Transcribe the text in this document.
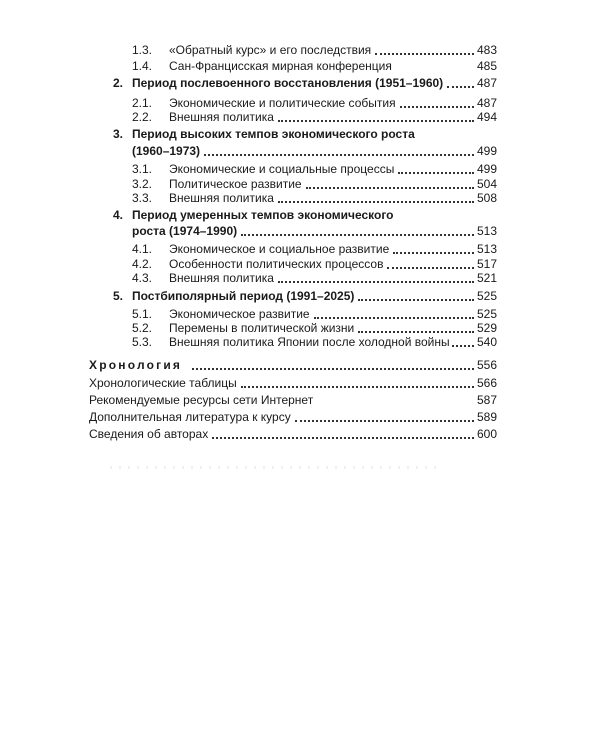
1.3.	«Обратный курс» и его последствия	483
1.4.	Сан-Францисская мирная конференция	485
2. Период послевоенного восстановления (1951–1960)	487
2.1.	Экономические и политические события	487
2.2.	Внешняя политика	494
3. Период высоких темпов экономического роста
(1960–1973)	499
3.1.	Экономические и социальные процессы	499
3.2.	Политическое развитие	504
3.3.	Внешняя политика	508
4. Период умеренных темпов экономического
роста (1974–1990)	513
4.1.	Экономическое и социальное развитие	513
4.2.	Особенности политических процессов	517
4.3.	Внешняя политика	521
5. Постбиполярный период (1991–2025)	525
5.1.	Экономическое развитие	525
5.2.	Перемены в политической жизни	529
5.3.	Внешняя политика Японии после холодной войны 540
Хронология	556
Хронологические таблицы	566
Рекомендуемые ресурсы сети Интернет	587
Дополнительная литература к курсу	589
Сведения об авторах	600
